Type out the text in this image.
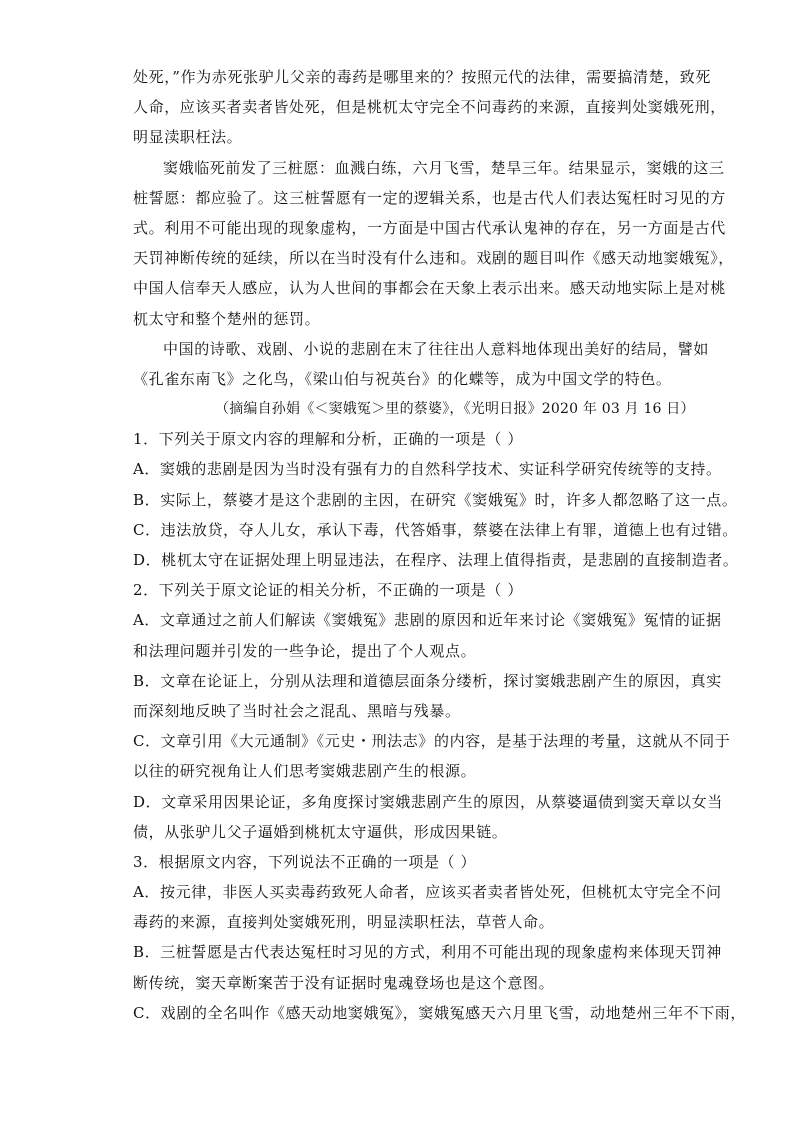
处死，”作为赤死张驴儿父亲的毒药是哪里来的？按照元代的法律，需要搞清楚，致死
人命，应该买者卖者皆处死，但是桃杌太守完全不问毒药的来源，直接判处窦娥死刑，
明显渎职枉法。
窦娥临死前发了三桩愿：血溅白练，六月飞雪，楚旱三年。结果显示，窦娥的这三
桩誓愿：都应验了。这三桩誓愿有一定的逻辑关系，也是古代人们表达冤枉时习见的方
式。利用不可能出现的现象虚构，一方面是中国古代承认鬼神的存在，另一方面是古代
天罚神断传统的延续，所以在当时没有什么违和。戏剧的题目叫作《感天动地窦娥冤》，
中国人信奉天人感应，认为人世间的事都会在天象上表示出来。感天动地实际上是对桃
杌太守和整个楚州的惩罚。
中国的诗歌、戏剧、小说的悲剧在末了往往出人意料地体现出美好的结局，譬如
《孔雀东南飞》之化鸟，《梁山伯与祝英台》的化蝶等，成为中国文学的特色。
（摘编自孙娟《＜窦娥冤＞里的蔡婆》，《光明日报》2020 年 03 月 16 日）
1．下列关于原文内容的理解和分析，正确的一项是（ ）
A．窦娥的悲剧是因为当时没有强有力的自然科学技术、实证科学研究传统等的支持。
B．实际上，蔡婆才是这个悲剧的主因，在研究《窦娥冤》时，许多人都忽略了这一点。
C．违法放贷，夺人儿女，承认下毒，代答婚事，蔡婆在法律上有罪，道德上也有过错。
D．桃杌太守在证据处理上明显违法，在程序、法理上值得指责，是悲剧的直接制造者。
2．下列关于原文论证的相关分析，不正确的一项是（ ）
A．文章通过之前人们解读《窦娥冤》悲剧的原因和近年来讨论《窦娥冤》冤情的证据
和法理问题并引发的一些争论，提出了个人观点。
B．文章在论证上，分别从法理和道德层面条分缕析，探讨窦娥悲剧产生的原因，真实
而深刻地反映了当时社会之混乱、黑暗与残暴。
C．文章引用《大元通制》《元史・刑法志》的内容，是基于法理的考量，这就从不同于
以往的研究视角让人们思考窦娥悲剧产生的根源。
D．文章采用因果论证，多角度探讨窦娥悲剧产生的原因，从蔡婆逼债到窦天章以女当
债，从张驴儿父子逼婚到桃杌太守逼供，形成因果链。
3．根据原文内容，下列说法不正确的一项是（ ）
A．按元律，非医人买卖毒药致死人命者，应该买者卖者皆处死，但桃杌太守完全不问
毒药的来源，直接判处窦娥死刑，明显渎职枉法，草菅人命。
B．三桩誓愿是古代表达冤枉时习见的方式，利用不可能出现的现象虚构来体现天罚神
断传统，窦天章断案苦于没有证据时鬼魂登场也是这个意图。
C．戏剧的全名叫作《感天动地窦娥冤》，窦娥冤感天六月里飞雪，动地楚州三年不下雨，
